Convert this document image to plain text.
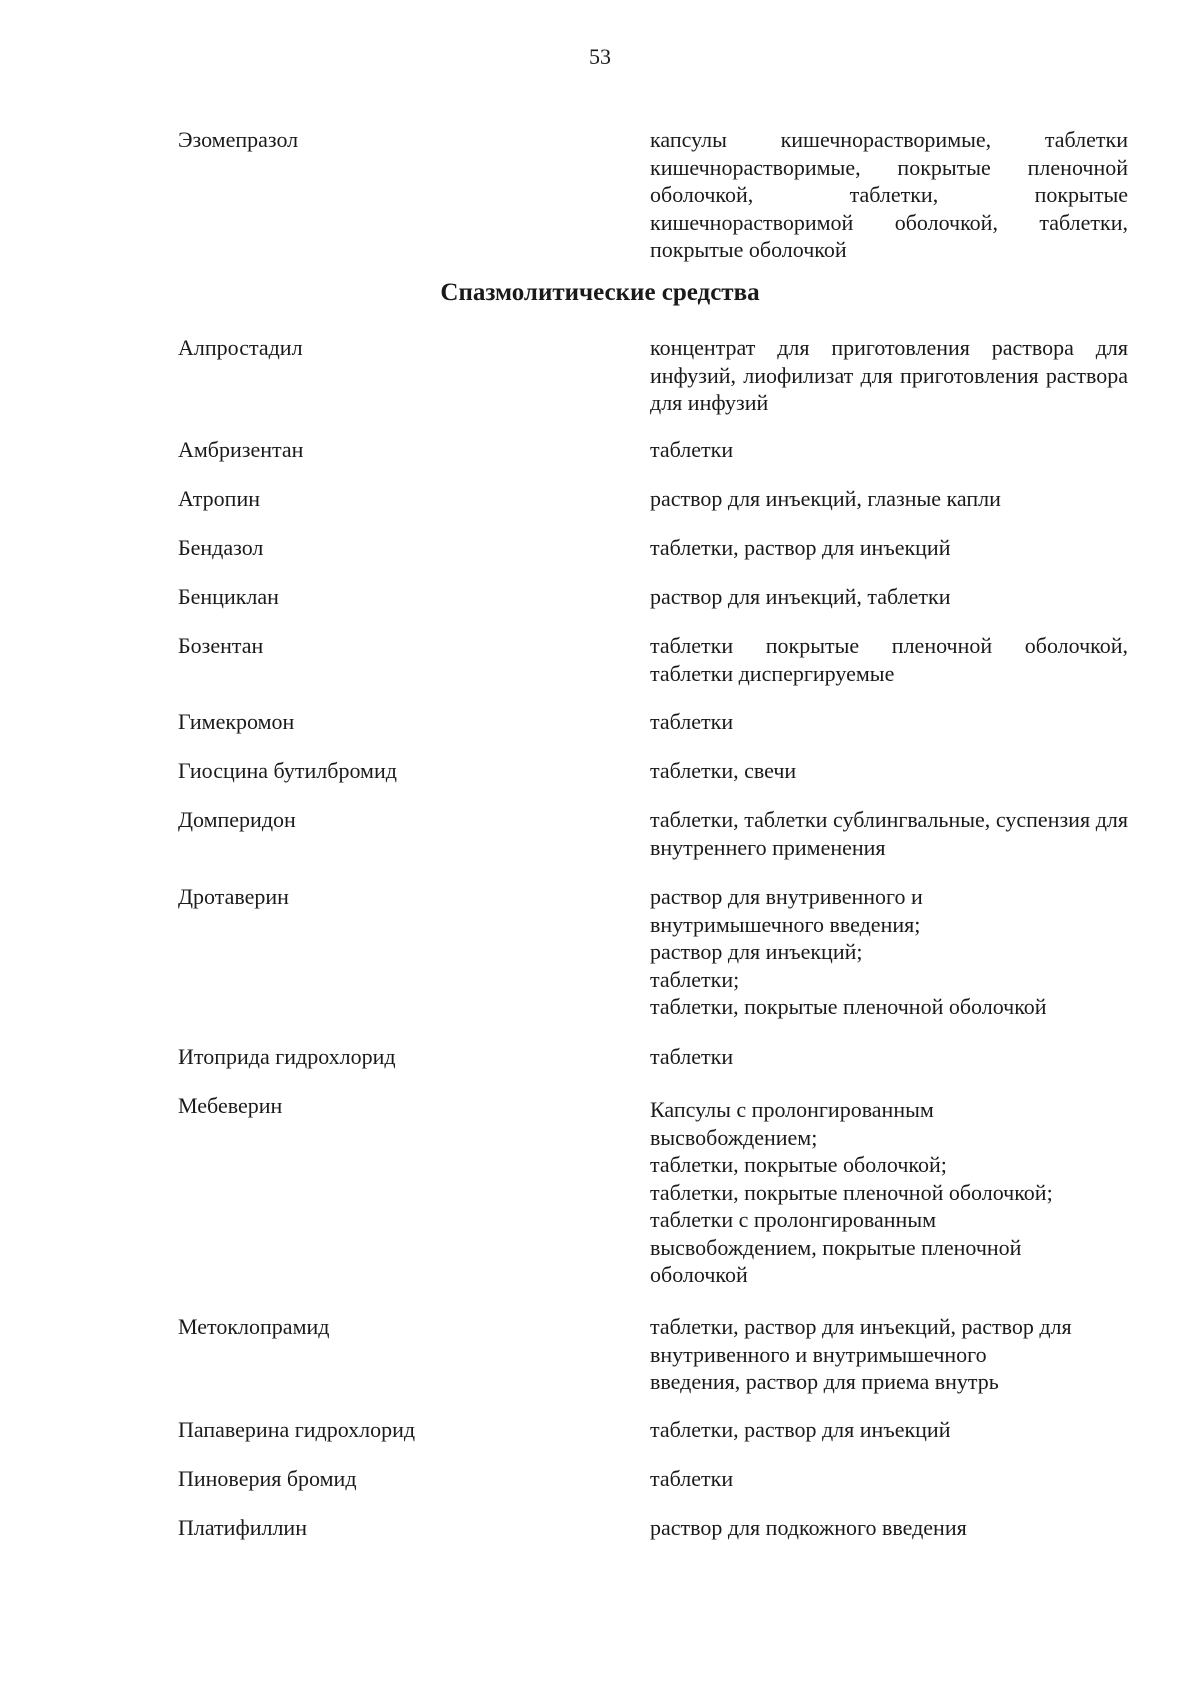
53
Эзомепразол	капсулы кишечнорастворимые, таблетки кишечнорастворимые, покрытые пленочной оболочкой, таблетки, покрытые кишечнорастворимой оболочкой, таблетки, покрытые оболочкой
Спазмолитические средства
Алпростадил	концентрат для приготовления раствора для инфузий, лиофилизат для приготовления раствора для инфузий
Амбризентан	таблетки
Атропин	раствор для инъекций, глазные капли
Бендазол	таблетки, раствор для инъекций
Бенциклан	раствор для инъекций, таблетки
Бозентан	таблетки покрытые пленочной оболочкой, таблетки диспергируемые
Гимекромон	таблетки
Гиосцина бутилбромид	таблетки, свечи
Домперидон	таблетки, таблетки сублингвальные, суспензия для внутреннего применения
Дротаверин	раствор для внутривенного и
внутримышечного введения;
раствор для инъекций;
таблетки;
таблетки, покрытые пленочной оболочкой
Итоприда гидрохлорид	таблетки
Мебеверин	Капсулы с пролонгированным
высвобождением;
таблетки, покрытые оболочкой;
таблетки, покрытые пленочной оболочкой;
таблетки с пролонгированным
высвобождением, покрытые пленочной
оболочкой
Метоклопрамид	таблетки, раствор для инъекций, раствор для
внутривенного и внутримышечного
введения, раствор для приема внутрь
Папаверина гидрохлорид	таблетки, раствор для инъекций
Пиноверия бромид	таблетки
Платифиллин	раствор для подкожного введения
